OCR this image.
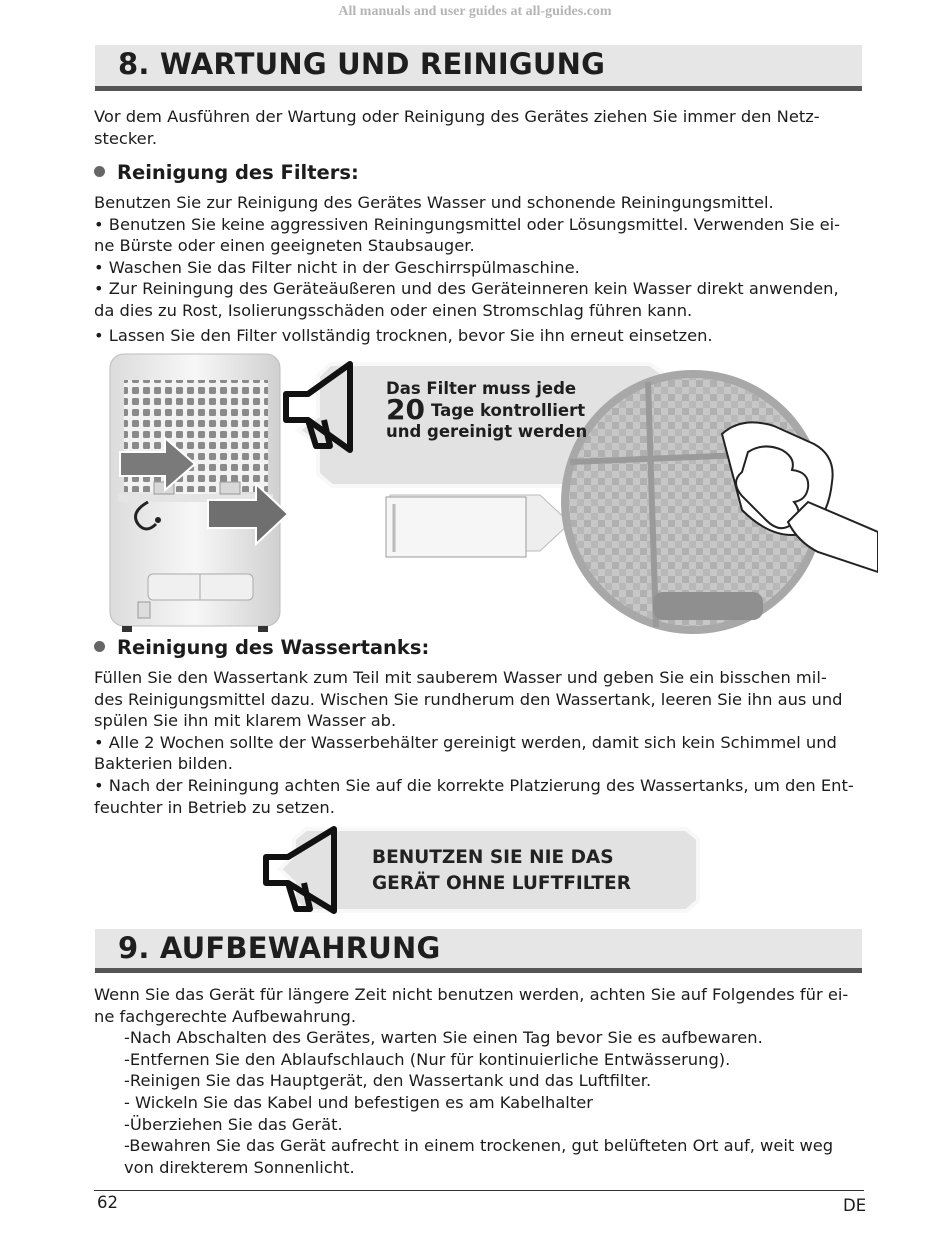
All manuals and user guides at all-guides.com
8. WARTUNG UND REINIGUNG

Vor dem Ausführen der Wartung oder Reinigung des Gerätes ziehen Sie immer den Netz-

stecker.

Reinigung des Filters:

Benutzen Sie zur Reinigung des Gerätes Wasser und schonende Reiningungsmittel.

• Benutzen Sie keine aggressiven Reiningungsmittel oder Lösungsmittel. Verwenden Sie ei-

ne Bürste oder einen geeigneten Staubsauger.

• Waschen Sie das Filter nicht in der Geschirrspülmaschine.

• Zur Reiningung des Geräteäußeren und des Geräteinneren kein Wasser direkt anwenden,

da dies zu Rost, Isolierungsschäden oder einen Stromschlag führen kann.

• Lassen Sie den Filter vollständig trocknen, bevor Sie ihn erneut einsetzen.

Das Filter muss jede
20 Tage kontrolliert
und gereinigt werden

Reinigung des Wassertanks:

Füllen Sie den Wassertank zum Teil mit sauberem Wasser und geben Sie ein bisschen mil-

des Reinigungsmittel dazu. Wischen Sie rundherum den Wassertank, leeren Sie ihn aus und

spülen Sie ihn mit klarem Wasser ab.

• Alle 2 Wochen sollte der Wasserbehälter gereinigt werden, damit sich kein Schimmel und

Bakterien bilden.

• Nach der Reiningung achten Sie auf die korrekte Platzierung des Wassertanks, um den Ent-

feuchter in Betrieb zu setzen.

BENUTZEN SIE NIE DAS
GERÄT OHNE LUFTFILTER

9. AUFBEWAHRUNG

Wenn Sie das Gerät für längere Zeit nicht benutzen werden, achten Sie auf Folgendes für ei-

ne fachgerechte Aufbewahrung.

-Nach Abschalten des Gerätes, warten Sie einen Tag bevor Sie es aufbewaren.

-Entfernen Sie den Ablaufschlauch (Nur für kontinuierliche Entwässerung).

-Reinigen Sie das Hauptgerät, den Wassertank und das Luftfilter.

- Wickeln Sie das Kabel und befestigen es am Kabelhalter

-Überziehen Sie das Gerät.

-Bewahren Sie das Gerät aufrecht in einem trockenen, gut belüfteten Ort auf, weit weg

von direkterem Sonnenlicht.

62	DE
